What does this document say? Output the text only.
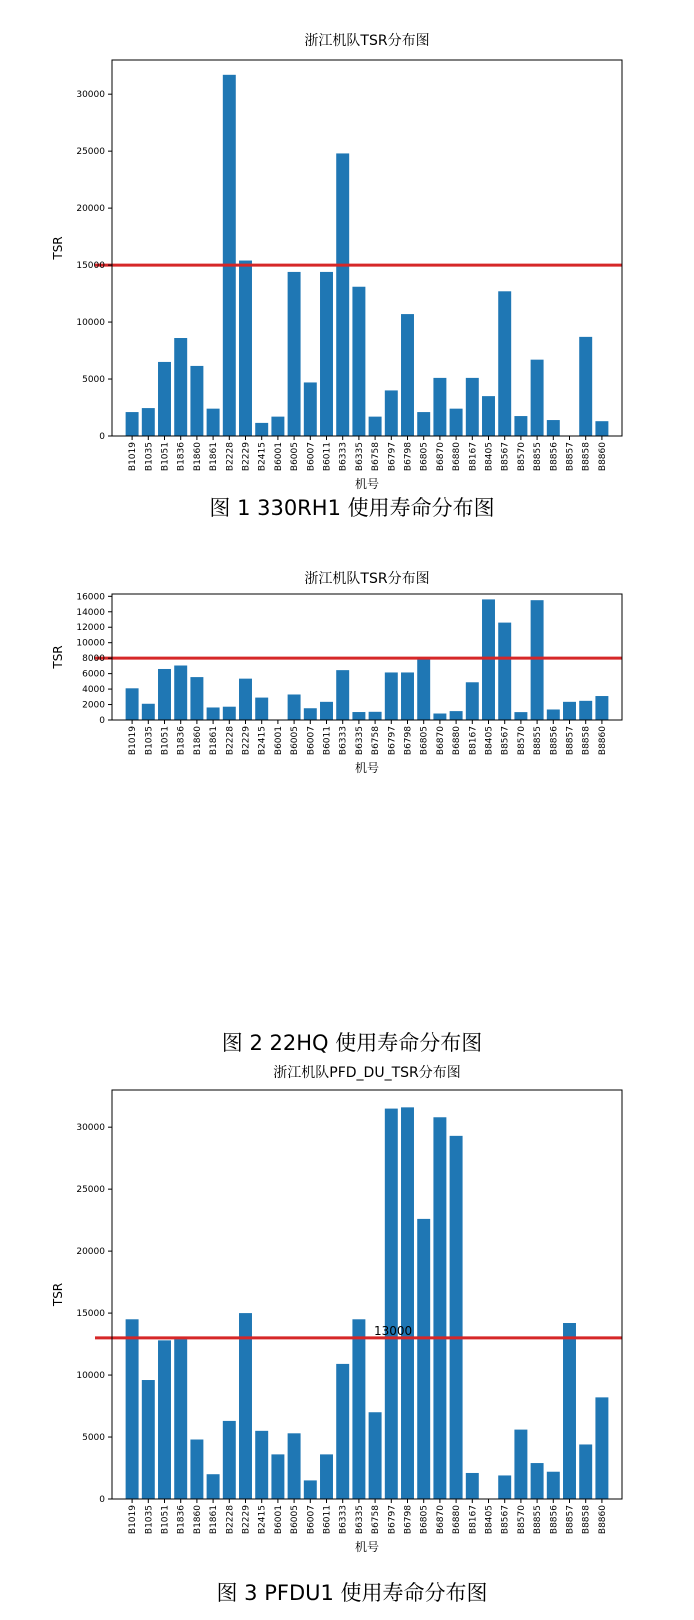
浙江机队TSR分布图
B1019 B1035 B1051 B1836 B1860 B1861 B2228 B2229 B2415 B6001 B6005 B6007 B6011 B6333 B6335 B6758 B6797 B6798 B6805 B6870 B6880 B8167 B8405 B8567 B8570 B8855 B8856 B8857 B8858 B8860
0
5000
10000
15000
20000
25000
30000
TSR
机号
图 1 330RH1 使用寿命分布图
浙江机队TSR分布图
B1019 B1035 B1051 B1836 B1860 B1861 B2228 B2229 B2415 B6001 B6005 B6007 B6011 B6333 B6335 B6758 B6797 B6798 B6805 B6870 B6880 B8167 B8405 B8567 B8570 B8855 B8856 B8857 B8858 B8860
0
2000
4000
6000
8000
10000
12000
14000
16000
TSR
机号
图 2 22HQ 使用寿命分布图
浙江机队PFD_DU_TSR分布图
B1019 B1035 B1051 B1836 B1860 B1861 B2228 B2229 B2415 B6001 B6005 B6007 B6011 B6333 B6335 B6758 B6797 B6798 B6805 B6870 B6880 B8167 B8405 B8567 B8570 B8855 B8856 B8857 B8858 B8860
13000
0
5000
10000
15000
20000
25000
30000
TSR
机号
图 3 PFDU1 使用寿命分布图
